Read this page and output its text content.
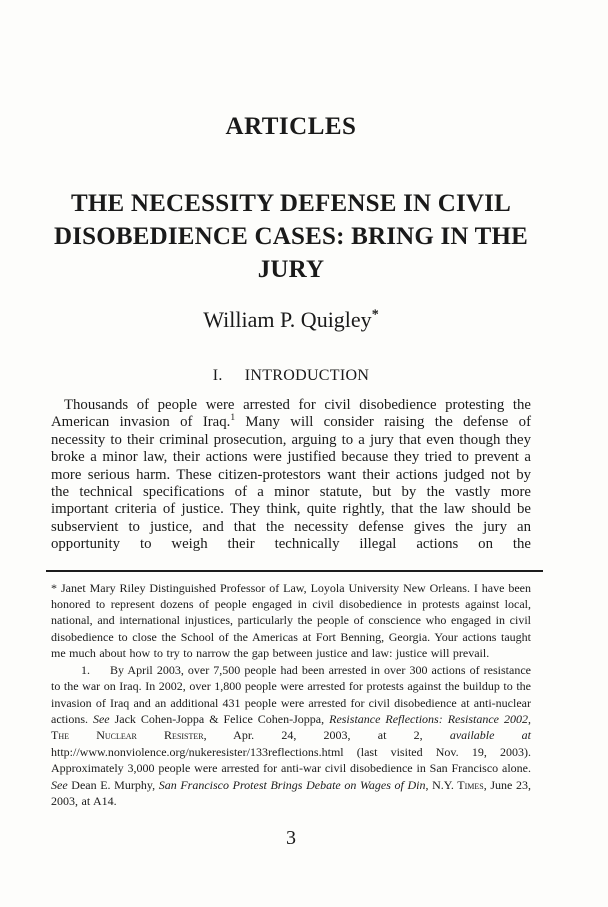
ARTICLES
THE NECESSITY DEFENSE IN CIVIL
DISOBEDIENCE CASES: BRING IN THE
JURY
William P. Quigley*
I. INTRODUCTION

Thousands of people were arrested for civil disobedience protesting the American invasion of Iraq.$^1$ Many will consider raising the defense of necessity to their criminal prosecution, arguing to a jury that even though they broke a minor law, their actions were justified because they tried to prevent a more serious harm. These citizen-protestors want their actions judged not by the technical specifications of a minor statute, but by the vastly more important criteria of justice. They think, quite rightly, that the law should be subservient to justice, and that the necessity defense gives the jury an opportunity to weigh their technically illegal actions on the

* Janet Mary Riley Distinguished Professor of Law, Loyola University New Orleans. I have been honored to represent dozens of people engaged in civil disobedience in protests against local, national, and international injustices, particularly the people of conscience who engaged in civil disobedience to close the School of the Americas at Fort Benning, Georgia. Your actions taught me much about how to try to narrow the gap between justice and law: justice will prevail.

1. By April 2003, over 7,500 people had been arrested in over 300 actions of resistance to the war on Iraq. In 2002, over 1,800 people were arrested for protests against the buildup to the invasion of Iraq and an additional 431 people were arrested for civil disobedience at anti-nuclear actions. See Jack Cohen-Joppa & Felice Cohen-Joppa, Resistance Reflections: Resistance 2002, The Nuclear Resister, Apr. 24, 2003, at 2, available at http://www.nonviolence.org/nukeresister/133reflections.html (last visited Nov. 19, 2003). Approximately 3,000 people were arrested for anti-war civil disobedience in San Francisco alone. See Dean E. Murphy, San Francisco Protest Brings Debate on Wages of Din, N.Y. Times, June 23, 2003, at A14.

3
